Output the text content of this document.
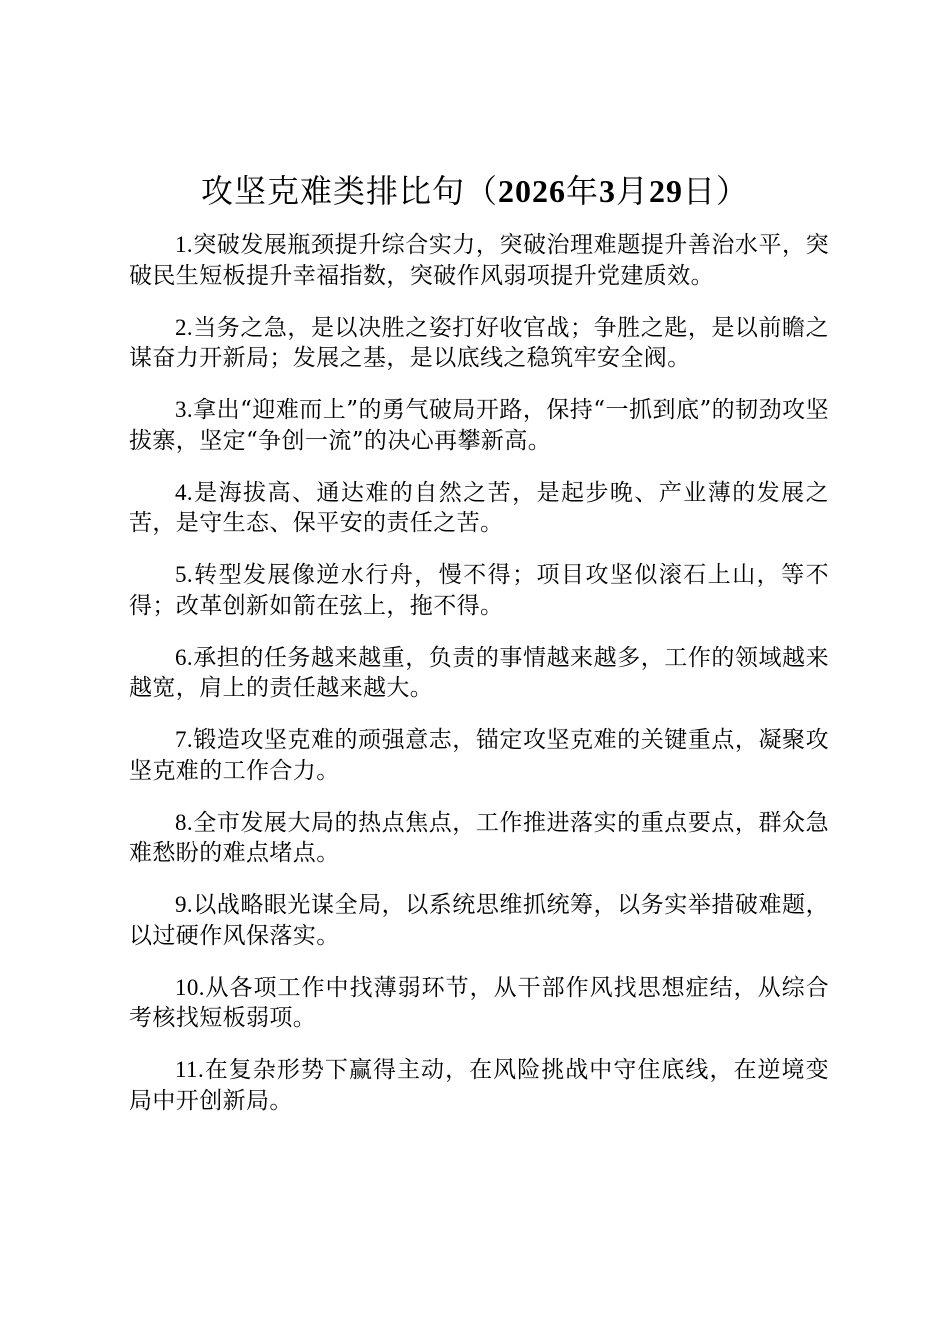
攻坚克难类排比句（2026年3月29日）

1.突破发展瓶颈提升综合实力，突破治理难题提升善治水平，突破民生短板提升幸福指数，突破作风弱项提升党建质效。

2.当务之急，是以决胜之姿打好收官战；争胜之匙，是以前瞻之谋奋力开新局；发展之基，是以底线之稳筑牢安全阀。

3.拿出“迎难而上”的勇气破局开路，保持“一抓到底”的韧劲攻坚拔寨，坚定“争创一流”的决心再攀新高。

4.是海拔高、通达难的自然之苦，是起步晚、产业薄的发展之苦，是守生态、保平安的责任之苦。

5.转型发展像逆水行舟，慢不得；项目攻坚似滚石上山，等不得；改革创新如箭在弦上，拖不得。

6.承担的任务越来越重，负责的事情越来越多，工作的领域越来越宽，肩上的责任越来越大。

7.锻造攻坚克难的顽强意志，锚定攻坚克难的关键重点，凝聚攻坚克难的工作合力。

8.全市发展大局的热点焦点，工作推进落实的重点要点，群众急难愁盼的难点堵点。

9.以战略眼光谋全局，以系统思维抓统筹，以务实举措破难题，以过硬作风保落实。

10.从各项工作中找薄弱环节，从干部作风找思想症结，从综合考核找短板弱项。

11.在复杂形势下赢得主动，在风险挑战中守住底线，在逆境变局中开创新局。
